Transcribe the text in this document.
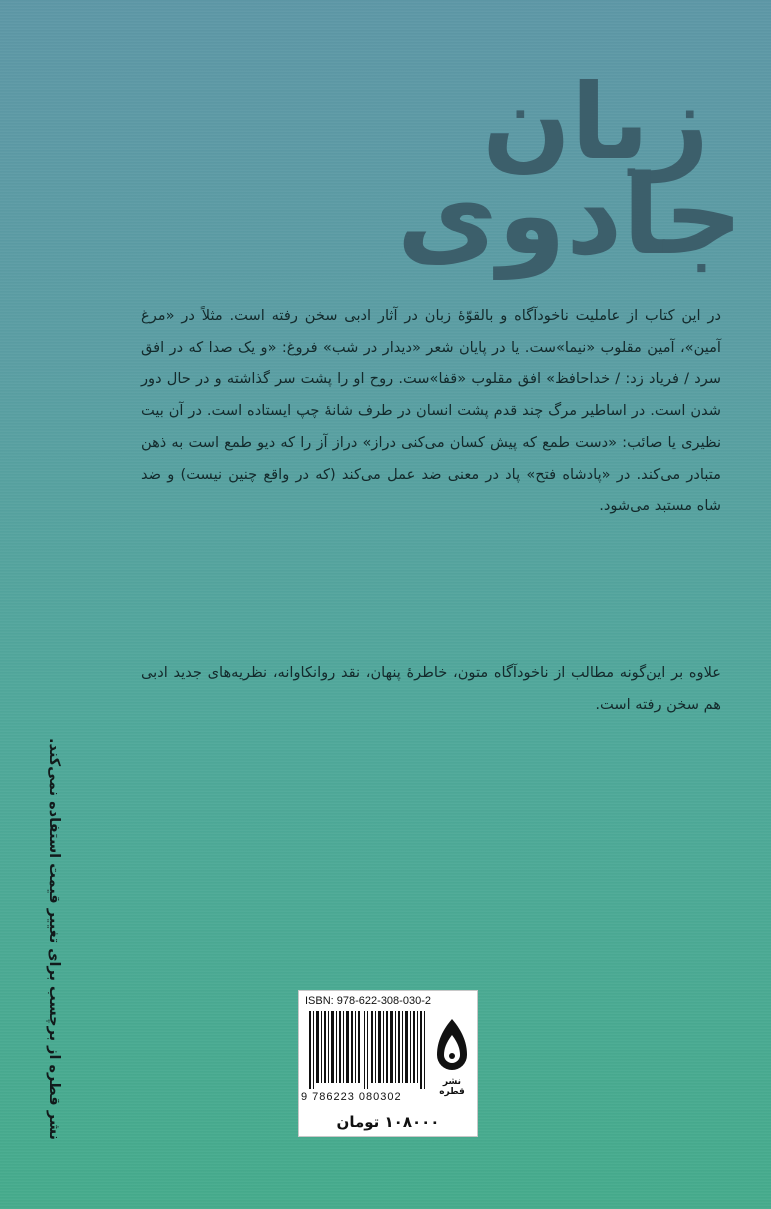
زبان
جادوی
در این کتاب از عاملیت ناخودآگاه و بالقوّهٔ زبان در آثار ادبی سخن رفته است. مثلاً در «مرغ آمین»، آمین مقلوب «نیما»ست. یا در پایان شعر «دیدار در شب» فروغ: «و یک صدا که در افق سرد / فریاد زد: / خداحافظ» افق مقلوب «قفا»ست. روح او را پشت سر گذاشته و در حال دور شدن است. در اساطیر مرگ چند قدم پشت انسان در طرف شانهٔ چپ ایستاده است. در آن بیت نظیری یا صائب: «دست طمع که پیش کسان می‌کنی دراز» دراز آز را که دیو طمع است به ذهن متبادر می‌کند. در «پادشاه فتح» پاد در معنی ضد عمل می‌کند (که در واقع چنین نیست) و ضد شاه مستبد می‌شود.
علاوه بر این‌گونه مطالب از ناخودآگاه متون، خاطرهٔ پنهان، نقد روانکاوانه، نظریه‌های جدید ادبی هم سخن رفته است.
نشر قطره از برچسب برای تغییر قیمت استفاده نمی‌کند.	ISBN: 978-622-308-030-2
9 786223 080302
نشر قطره
۱۰۸۰۰۰ تومان
